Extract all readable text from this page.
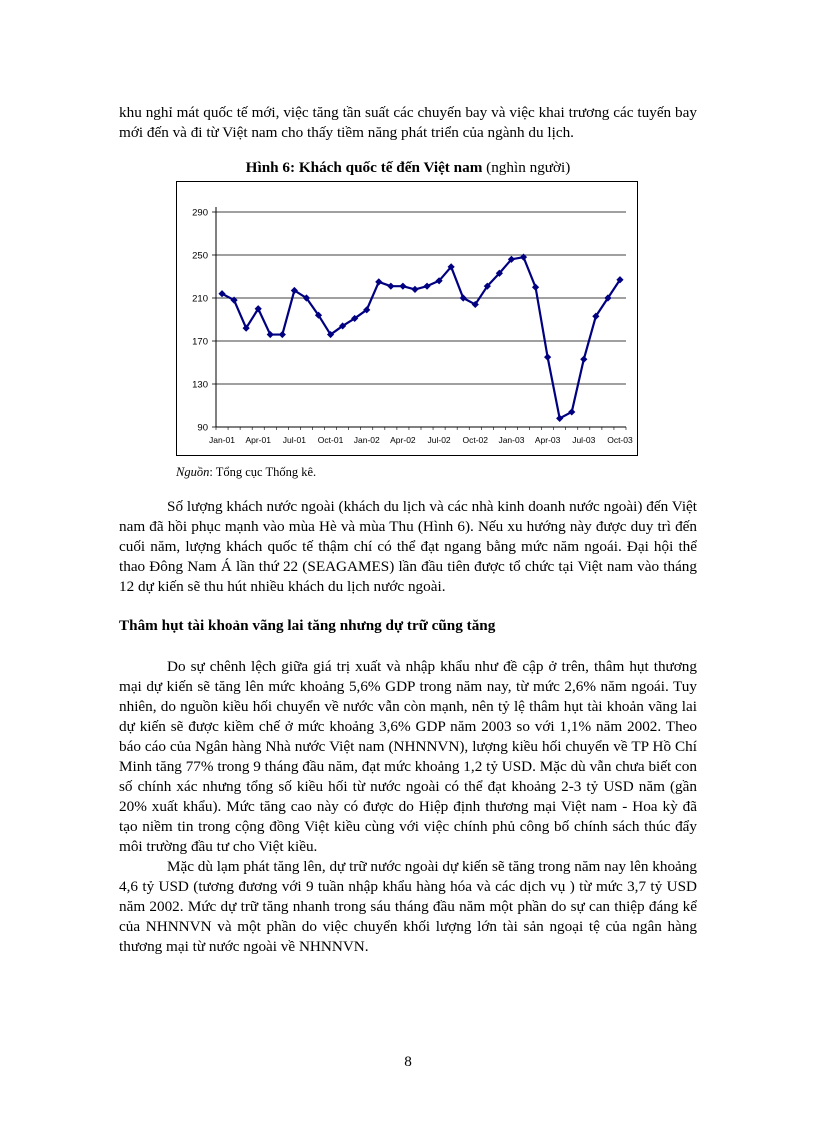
khu nghỉ mát quốc tế mới, việc tăng tần suất các chuyến bay và việc khai trương các tuyến bay mới đến và đi từ Việt nam cho thấy tiềm năng phát triển của ngành du lịch.

Hình 6: Khách quốc tế đến Việt nam (nghìn người)
290
250
210
170
130
90
Jan-01 Apr-01 Jul-01 Oct-01 Jan-02 Apr-02 Jul-02 Oct-02 Jan-03 Apr-03 Jul-03 Oct-03
Nguồn: Tổng cục Thống kê.

Số lượng khách nước ngoài (khách du lịch và các nhà kinh doanh nước ngoài) đến Việt nam đã hồi phục mạnh vào mùa Hè và mùa Thu (Hình 6). Nếu xu hướng này được duy trì đến cuối năm, lượng khách quốc tế thậm chí có thể đạt ngang bằng mức năm ngoái. Đại hội thể thao Đông Nam Á lần thứ 22 (SEAGAMES) lần đầu tiên được tổ chức tại Việt nam vào tháng 12 dự kiến sẽ thu hút nhiều khách du lịch nước ngoài.

Thâm hụt tài khoản vãng lai tăng nhưng dự trữ cũng tăng

Do sự chênh lệch giữa giá trị xuất và nhập khẩu như đề cập ở trên, thâm hụt thương mại dự kiến sẽ tăng lên mức khoảng 5,6% GDP trong năm nay, từ mức 2,6% năm ngoái. Tuy nhiên, do nguồn kiều hối chuyển về nước vẫn còn mạnh, nên tỷ lệ thâm hụt tài khoản vãng lai dự kiến sẽ được kiềm chế ở mức khoảng 3,6% GDP năm 2003 so với 1,1% năm 2002. Theo báo cáo của Ngân hàng Nhà nước Việt nam (NHNNVN), lượng kiều hối chuyển về TP Hồ Chí Minh tăng 77% trong 9 tháng đầu năm, đạt mức khoảng 1,2 tỷ USD. Mặc dù vẫn chưa biết con số chính xác nhưng tổng số kiều hối từ nước ngoài có thể đạt khoảng 2-3 tỷ USD năm (gần 20% xuất khẩu). Mức tăng cao này có được do Hiệp định thương mại Việt nam - Hoa kỳ đã tạo niềm tin trong cộng đồng Việt kiều cùng với việc chính phủ công bố chính sách thúc đẩy môi trường đầu tư cho Việt kiều.

Mặc dù lạm phát tăng lên, dự trữ nước ngoài dự kiến sẽ tăng trong năm nay lên khoảng 4,6 tỷ USD (tương đương với 9 tuần nhập khẩu hàng hóa và các dịch vụ ) từ mức 3,7 tỷ USD năm 2002. Mức dự trữ tăng nhanh trong sáu tháng đầu năm một phần do sự can thiệp đáng kể của NHNNVN và một phần do việc chuyển khối lượng lớn tài sản ngoại tệ của ngân hàng thương mại từ nước ngoài về NHNNVN.

8
